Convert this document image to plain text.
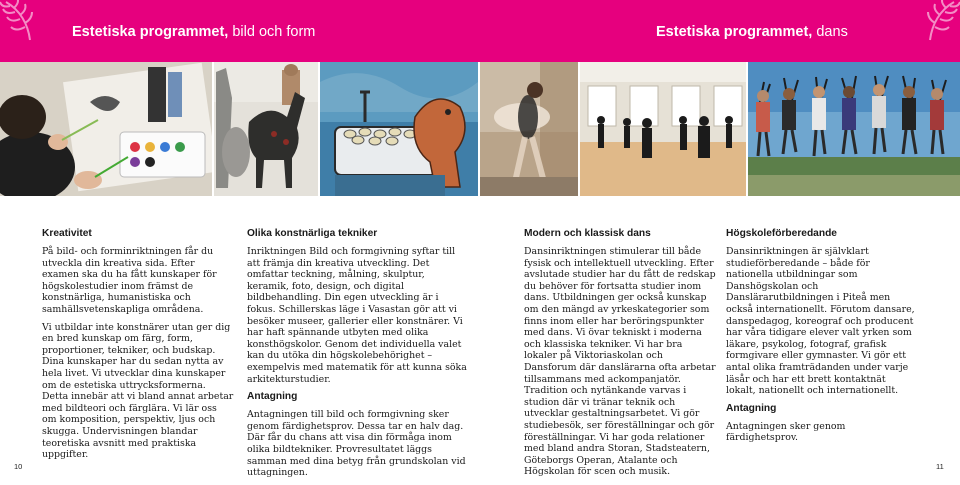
Estetiska programmet, bild och form	Estetiska programmet, dans

Kreativitet

På bild- och forminriktningen får du utveckla din kreativa sida. Efter examen ska du ha fått kunskaper för högskolestudier inom främst de konstnärliga, humanistiska och samhällsvetenskapliga områdena.

Vi utbildar inte konstnärer utan ger dig en bred kunskap om färg, form, proportioner, tekniker, och budskap. Dina kunskaper har du sedan nytta av hela livet. Vi utvecklar dina kunskaper om de estetiska uttrycksformerna. Detta innebär att vi bland annat arbetar med bildteori och färglära. Vi lär oss om komposition, perspektiv, ljus och skugga. Undervisningen blandar teoretiska avsnitt med praktiska uppgifter.

Olika konstnärliga tekniker

Inriktningen Bild och formgivning syftar till att främja din kreativa utveckling. Det omfattar teckning, målning, skulptur, keramik, foto, design, och digital bildbehandling. Din egen utveckling är i fokus. Schillerskas läge i Vasastan gör att vi besöker museer, gallerier eller konstnärer. Vi har haft spännande utbyten med olika konsthögskolor. Genom det individuella valet kan du utöka din högskolebehörighet – exempelvis med matematik för att kunna söka arkitekturstudier.

Antagning

Antagningen till bild och formgivning sker genom färdighetsprov. Dessa tar en halv dag. Där får du chans att visa din förmåga inom olika bildtekniker. Provresultatet läggs samman med dina betyg från grundskolan vid uttagningen.

Modern och klassisk dans

Dansinriktningen stimulerar till både fysisk och intellektuell utveckling. Efter avslutade studier har du fått de redskap du behöver för fortsatta studier inom dans. Utbildningen ger också kunskap om den mängd av yrkeskategorier som finns inom eller har beröringspunkter med dans. Vi övar tekniskt i moderna och klassiska tekniker. Vi har bra lokaler på Viktoriaskolan och Dansforum där danslärarna ofta arbetar tillsammans med ackompanjatör. Tradition och nytänkande varvas i studion där vi tränar teknik och utvecklar gestaltningsarbetet. Vi gör studiebesök, ser föreställningar och gör föreställningar. Vi har goda relationer med bland andra Storan, Stadsteatern, Göteborgs Operan, Atalante och Högskolan för scen och musik.

Högskoleförberedande

Dansinriktningen är självklart studieförberedande – både för nationella utbildningar som Danshögskolan och Danslärarutbildningen i Piteå men också internationellt. Förutom dansare, danspedagog, koreograf och producent har våra tidigare elever valt yrken som läkare, psykolog, fotograf, grafisk formgivare eller gymnaster. Vi gör ett antal olika framträdanden under varje läsår och har ett brett kontaktnät lokalt, nationellt och internationellt.

Antagning

Antagningen sker genom färdighetsprov.

10	11
